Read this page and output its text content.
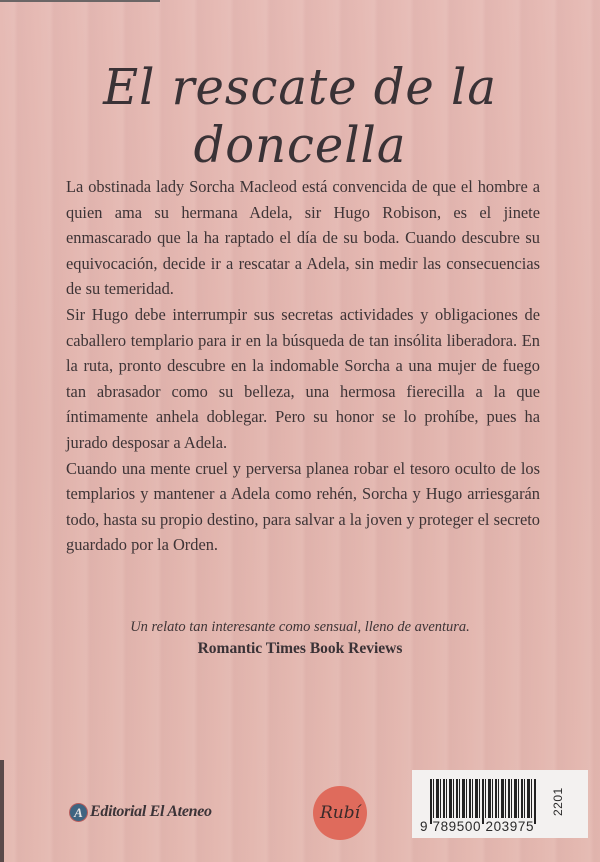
El rescate de la doncella

La obstinada lady Sorcha Macleod está convencida de que el hombre a quien ama su hermana Adela, sir Hugo Robison, es el jinete enmascarado que la ha raptado el día de su boda. Cuando descubre su equivocación, decide ir a rescatar a Adela, sin medir las consecuencias de su temeridad.

Sir Hugo debe interrumpir sus secretas actividades y obligaciones de caballero templario para ir en la búsqueda de tan insólita liberadora. En la ruta, pronto descubre en la indomable Sorcha a una mujer de fuego tan abrasador como su belleza, una hermosa fierecilla a la que íntimamente anhela doblegar. Pero su honor se lo prohíbe, pues ha jurado desposar a Adela.

Cuando una mente cruel y perversa planea robar el tesoro oculto de los templarios y mantener a Adela como rehén, Sorcha y Hugo arriesgarán todo, hasta su propio destino, para salvar a la joven y proteger el secreto guardado por la Orden.

Un relato tan interesante como sensual, lleno de aventura.
Romantic Times Book Reviews
A Editorial El Ateneo	Rubí
9 789500 203975
2201
